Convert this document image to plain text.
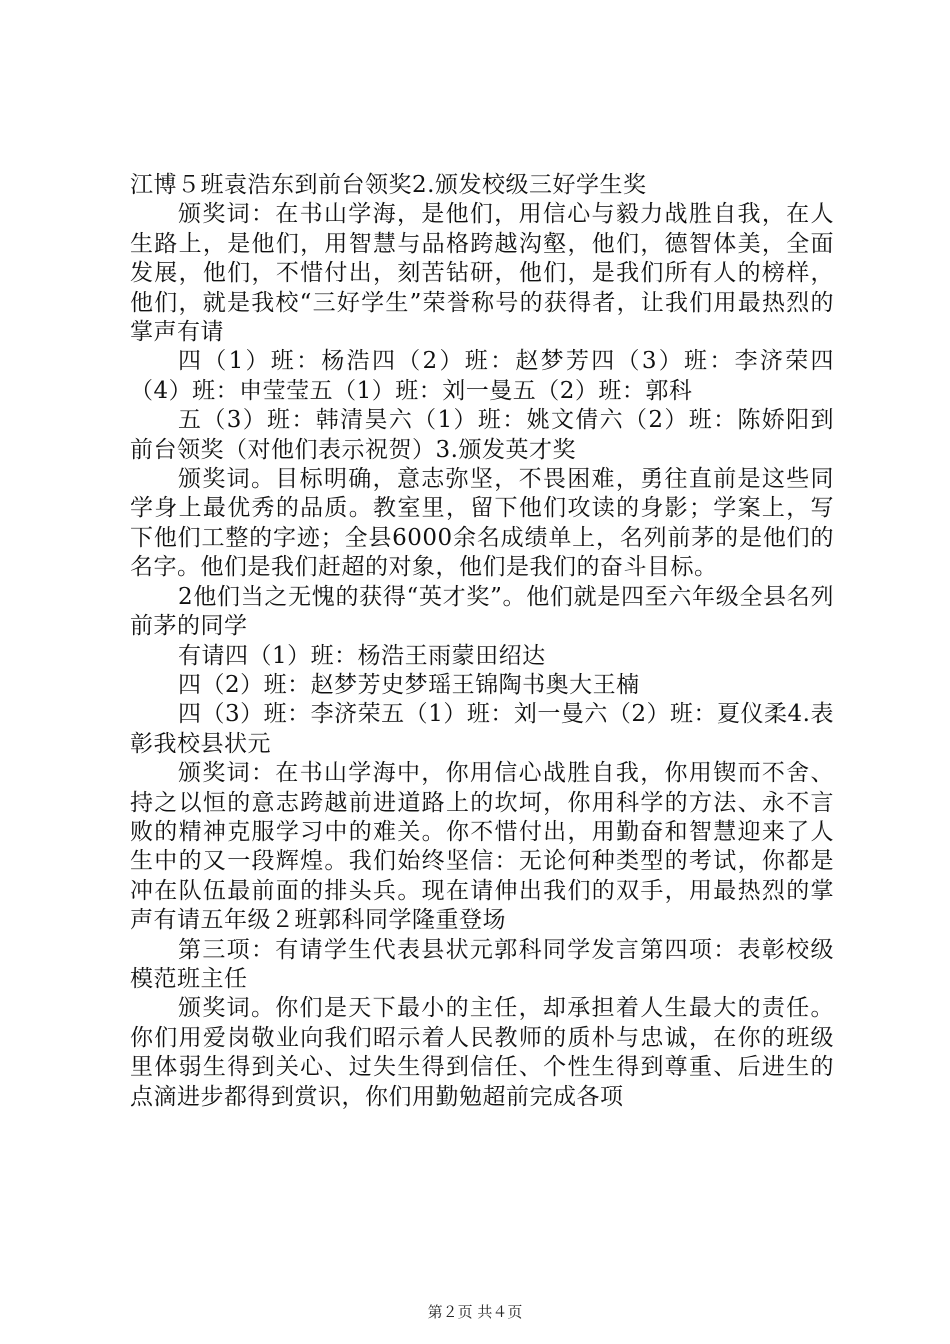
江博５班袁浩东到前台领奖2.颁发校级三好学生奖

颁奖词：在书山学海，是他们，用信心与毅力战胜自我，在人生路上，是他们，用智慧与品格跨越沟壑，他们，德智体美，全面发展，他们，不惜付出，刻苦钻研，他们，是我们所有人的榜样，他们，就是我校“三好学生”荣誉称号的获得者，让我们用最热烈的掌声有请

四（1）班：杨浩四（2）班：赵梦芳四（3）班：李济荣四（4）班：申莹莹五（1）班：刘一曼五（2）班：郭科

五（3）班：韩清昊六（1）班：姚文倩六（2）班：陈娇阳到前台领奖（对他们表示祝贺）3.颁发英才奖

颁奖词。目标明确，意志弥坚，不畏困难，勇往直前是这些同学身上最优秀的品质。教室里，留下他们攻读的身影；学案上，写下他们工整的字迹；全县6000余名成绩单上，名列前茅的是他们的名字。他们是我们赶超的对象，他们是我们的奋斗目标。

2他们当之无愧的获得“英才奖”。他们就是四至六年级全县名列前茅的同学

有请四（1）班：杨浩王雨蒙田绍达

四（2）班：赵梦芳史梦瑶王锦陶书奥大王楠

四（3）班：李济荣五（1）班：刘一曼六（2）班：夏仪柔4.表彰我校县状元

颁奖词：在书山学海中，你用信心战胜自我，你用锲而不舍、持之以恒的意志跨越前进道路上的坎坷，你用科学的方法、永不言败的精神克服学习中的难关。你不惜付出，用勤奋和智慧迎来了人生中的又一段辉煌。我们始终坚信：无论何种类型的考试，你都是冲在队伍最前面的排头兵。现在请伸出我们的双手，用最热烈的掌声有请五年级２班郭科同学隆重登场

第三项：有请学生代表县状元郭科同学发言第四项：表彰校级模范班主任

颁奖词。你们是天下最小的主任，却承担着人生最大的责任。你们用爱岗敬业向我们昭示着人民教师的质朴与忠诚，在你的班级里体弱生得到关心、过失生得到信任、个性生得到尊重、后进生的点滴进步都得到赏识，你们用勤勉超前完成各项

第２页 共４页
